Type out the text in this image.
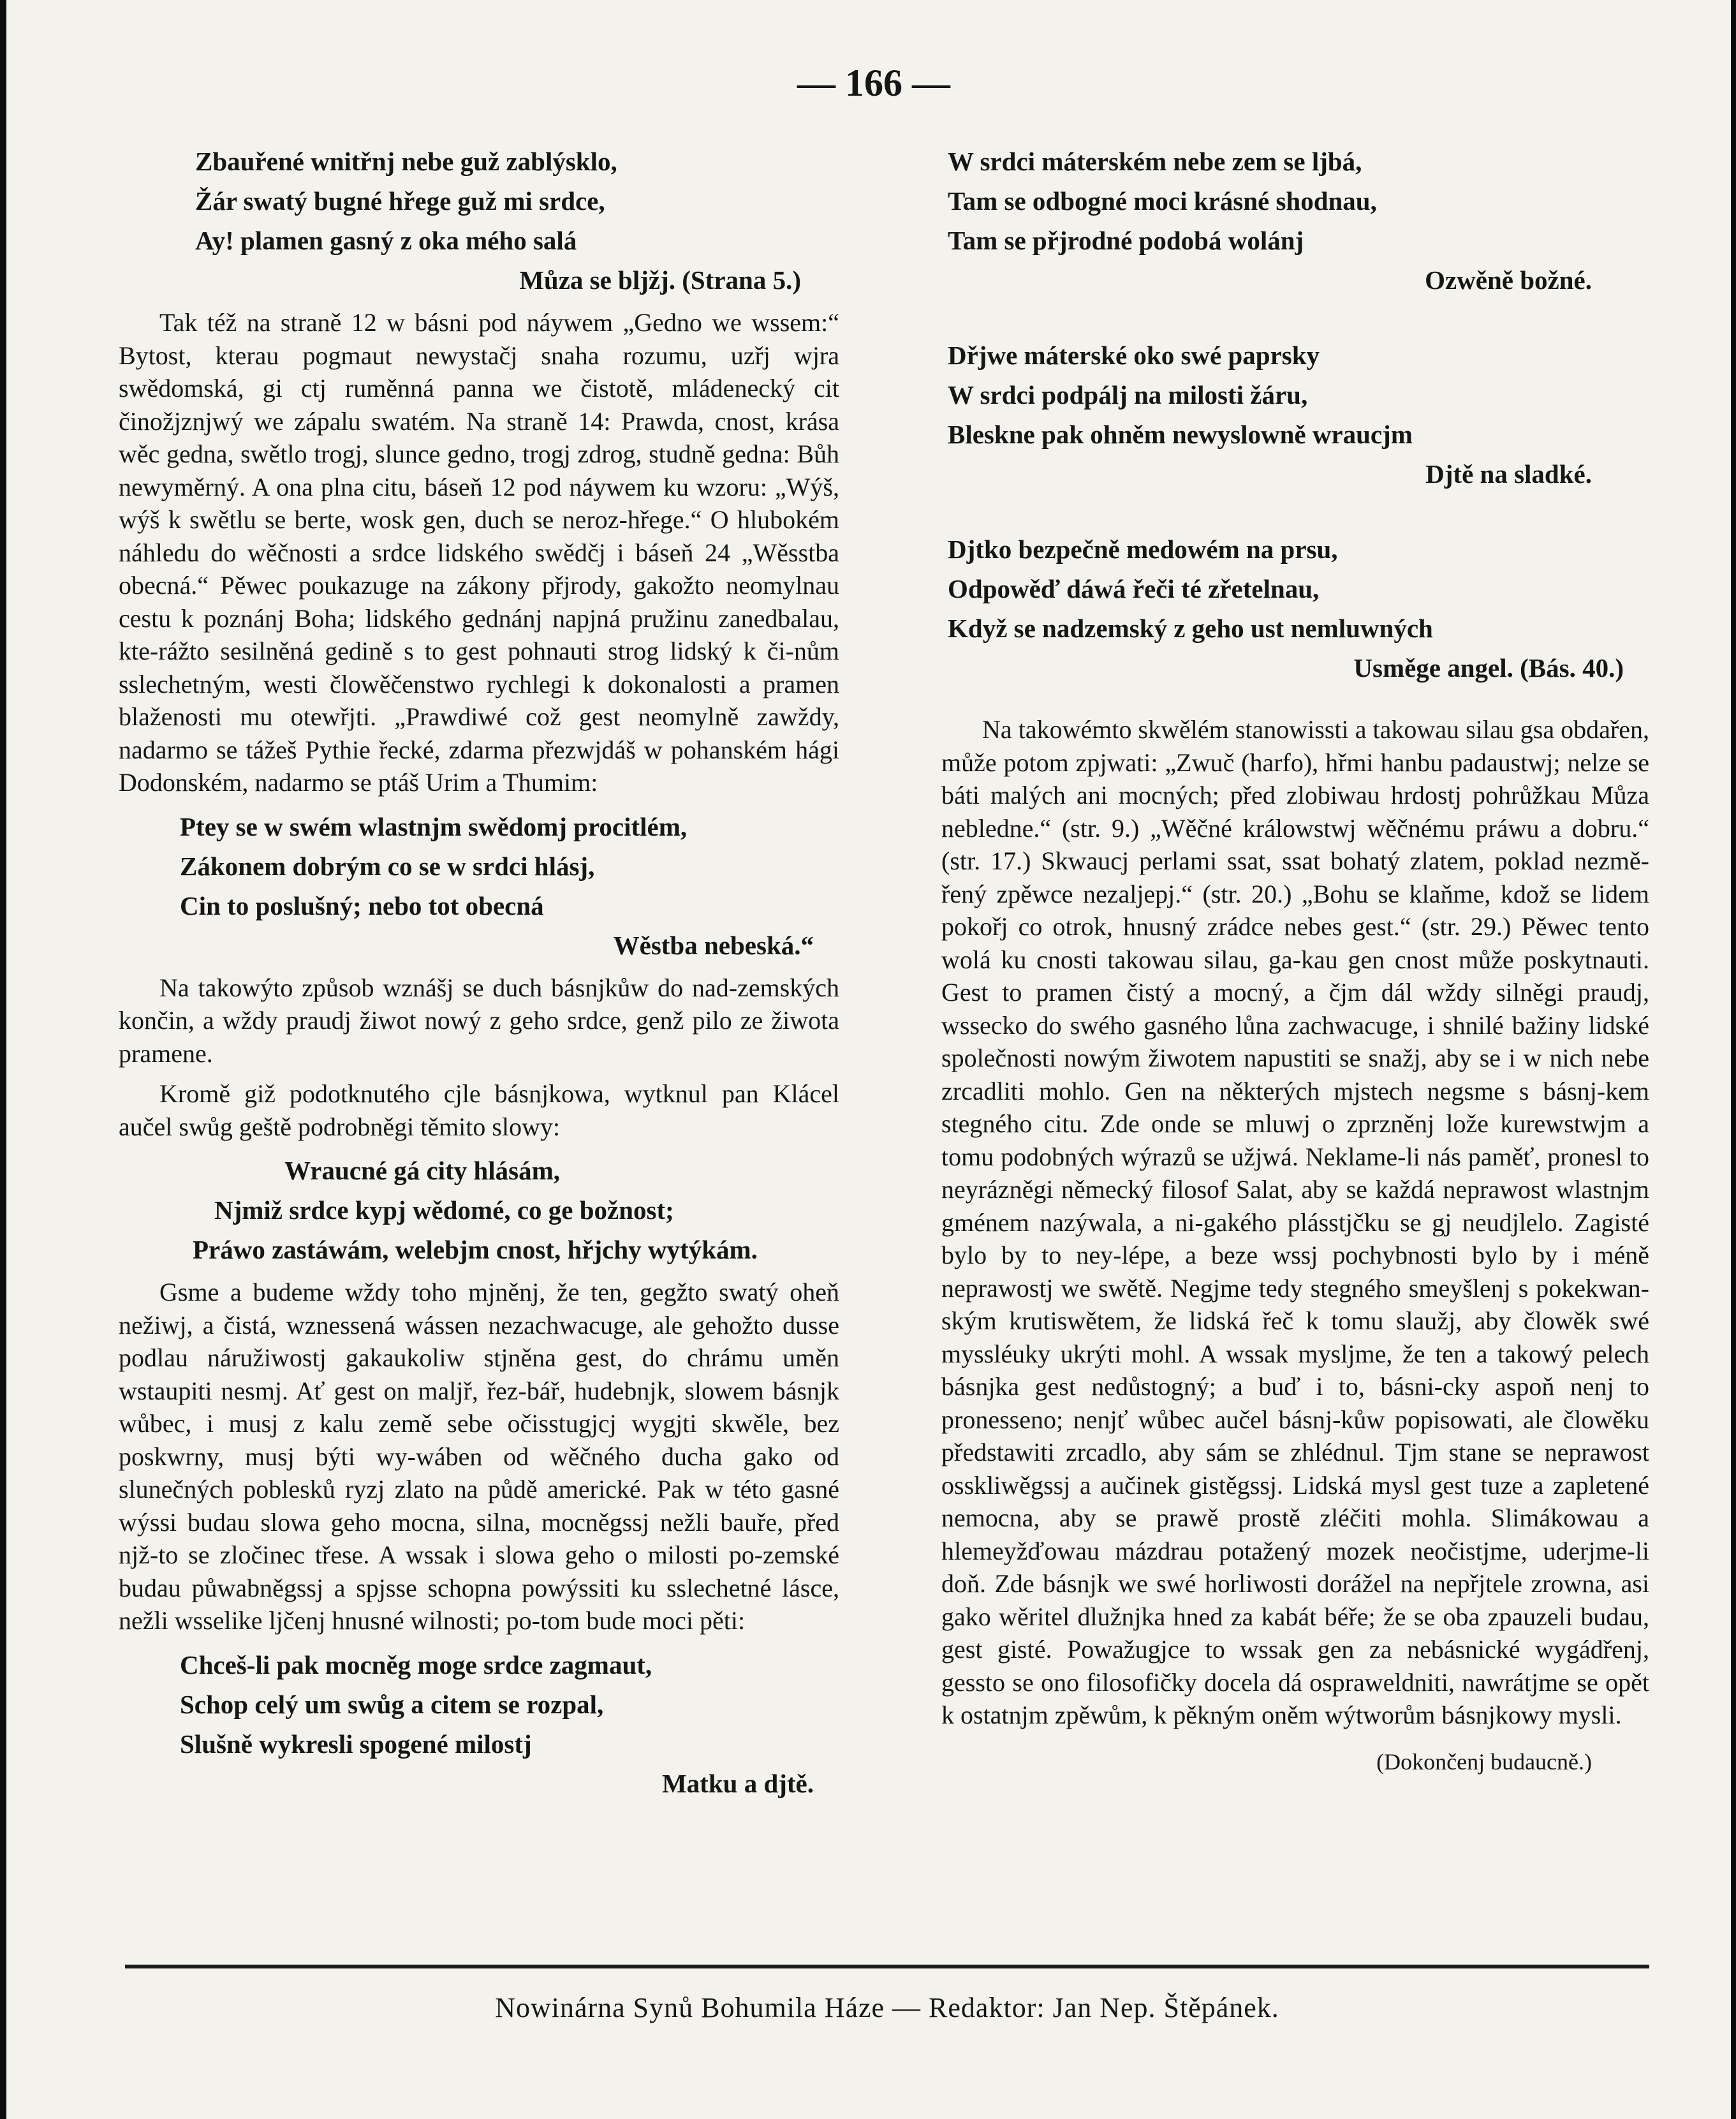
— 166 —
Zbauřené wnitřnj nebe guž zablýsklo,
Žár swatý bugné hřege guž mi srdce,
Ay! plamen gasný z oka mého salá
Můza se bljžj. (Strana 5.)

Tak též na straně 12 w básni pod náywem „Gedno we wssem:“ Bytost, kterau pogmaut newystačj snaha rozumu, uzřj wjra swědomská, gi ctj ruměnná panna we čistotě, mládenecký cit činožjznjwý we zápalu swatém. Na straně 14: Prawda, cnost, krása wěc gedna, swětlo trogj, slunce gedno, trogj zdrog, studně gedna: Bůh newyměrný. A ona plna citu, báseň 12 pod náywem ku wzoru: „Wýš, wýš k swětlu se berte, wosk gen, duch se neroz-hřege.“ O hlubokém náhledu do wěčnosti a srdce lidského swědčj i báseň 24 „Wěsstba obecná.“ Pěwec poukazuge na zákony přjrody, gakožto neomylnau cestu k poznánj Boha; lidského gednánj napjná pružinu zanedbalau, kte-rážto sesilněná gedině s to gest pohnauti strog lidský k či-nům sslechetným, westi člowěčenstwo rychlegi k dokonalosti a pramen blaženosti mu otewřjti. „Prawdiwé což gest neomylně zawždy, nadarmo se tážeš Pythie řecké, zdarma přezwjdáš w pohanském hági Dodonském, nadarmo se ptáš Urim a Thumim:

Ptey se w swém wlastnjm swědomj procitlém,
Zákonem dobrým co se w srdci hlásj,
Cin to poslušný; nebo tot obecná
Wěstba nebeská.“

Na takowýto způsob wznášj se duch básnjkůw do nad-zemských končin, a wždy praudj žiwot nowý z geho srdce, genž pilo ze žiwota pramene.

Kromě giž podotknutého cjle básnjkowa, wytknul pan Klácel aučel swůg geště podrobněgi těmito slowy:

Wraucné gá city hlásám,
Njmiž srdce kypj wědomé, co ge božnost;
Práwo zastáwám, welebjm cnost, hřjchy wytýkám.

Gsme a budeme wždy toho mjněnj, že ten, gegžto swatý oheň nežiwj, a čistá, wznessená wássen nezachwacuge, ale gehožto dusse podlau náružiwostj gakaukoliw stjněna gest, do chrámu uměn wstaupiti nesmj. Ať gest on maljř, řez-bář, hudebnjk, slowem básnjk wůbec, i musj z kalu země sebe očisstugjcj wygjti skwěle, bez poskwrny, musj býti wy-wáben od wěčného ducha gako od slunečných poblesků ryzj zlato na půdě americké. Pak w této gasné wýssi budau slowa geho mocna, silna, mocněgssj nežli bauře, před njž-to se zločinec třese. A wssak i slowa geho o milosti po-zemské budau půwabněgssj a spjsse schopna powýssiti ku sslechetné lásce, nežli wsselike ljčenj hnusné wilnosti; po-tom bude moci pěti:

Chceš-li pak mocněg moge srdce zagmaut,
Schop celý um swůg a citem se rozpal,
Slušně wykresli spogené milostj
Matku a djtě.
W srdci máterském nebe zem se ljbá,
Tam se odbogné moci krásné shodnau,
Tam se přjrodné podobá wolánj
Ozwěně božné.
Dřjwe máterské oko swé paprsky
W srdci podpálj na milosti žáru,
Bleskne pak ohněm newyslowně wraucjm
Djtě na sladké.
Djtko bezpečně medowém na prsu,
Odpowěď dáwá řeči té zřetelnau,
Když se nadzemský z geho ust nemluwných
Usměge angel. (Bás. 40.)

Na takowémto skwělém stanowissti a takowau silau gsa obdařen, může potom zpjwati: „Zwuč (harfo), hřmi hanbu padaustwj; nelze se báti malých ani mocných; před zlobiwau hrdostj pohrůžkau Můza nebledne.“ (str. 9.) „Wěčné králowstwj wěčnému práwu a dobru.“ (str. 17.) Skwaucj perlami ssat, ssat bohatý zlatem, poklad nezmě-řený zpěwce nezaljepj.“ (str. 20.) „Bohu se klaňme, kdož se lidem pokořj co otrok, hnusný zrádce nebes gest.“ (str. 29.) Pěwec tento wolá ku cnosti takowau silau, ga-kau gen cnost může poskytnauti. Gest to pramen čistý a mocný, a čjm dál wždy silněgi praudj, wssecko do swého gasného lůna zachwacuge, i shnilé bažiny lidské společnosti nowým žiwotem napustiti se snažj, aby se i w nich nebe zrcadliti mohlo. Gen na některých mjstech negsme s básnj-kem stegného citu. Zde onde se mluwj o zprzněnj lože kurewstwjm a tomu podobných wýrazů se užjwá. Neklame-li nás paměť, pronesl to neyrázněgi německý filosof Salat, aby se každá neprawost wlastnjm gménem nazýwala, a ni-gakého plásstjčku se gj neudjlelo. Zagisté bylo by to ney-lépe, a beze wssj pochybnosti bylo by i méně neprawostj we swětě. Negjme tedy stegného smeyšlenj s pokekwan-ským krutiswětem, že lidská řeč k tomu slaužj, aby člowěk swé myssléuky ukrýti mohl. A wssak mysljme, že ten a takowý pelech básnjka gest nedůstogný; a buď i to, básni-cky aspoň nenj to pronesseno; nenjť wůbec aučel básnj-kůw popisowati, ale člowěku předstawiti zrcadlo, aby sám se zhlédnul. Tjm stane se neprawost osskliwěgssj a aučinek gistěgssj. Lidská mysl gest tuze a zapletené nemocna, aby se prawě prostě zléčiti mohla. Slimákowau a hlemeyžďowau mázdrau potažený mozek neočistjme, uderjme-li doň. Zde básnjk we swé horliwosti dorážel na nepřjtele zrowna, asi gako wěritel dlužnjka hned za kabát béře; že se oba zpauzeli budau, gest gisté. Powažugjce to wssak gen za nebásnické wygádřenj, gessto se ono filosofičky docela dá ospraweldniti, nawrátjme se opět k ostatnjm zpěwům, k pěkným oněm wýtworům básnjkowy mysli.

(Dokončenj budaucně.)
Nowinárna Synů Bohumila Háze — Redaktor: Jan Nep. Štěpánek.
